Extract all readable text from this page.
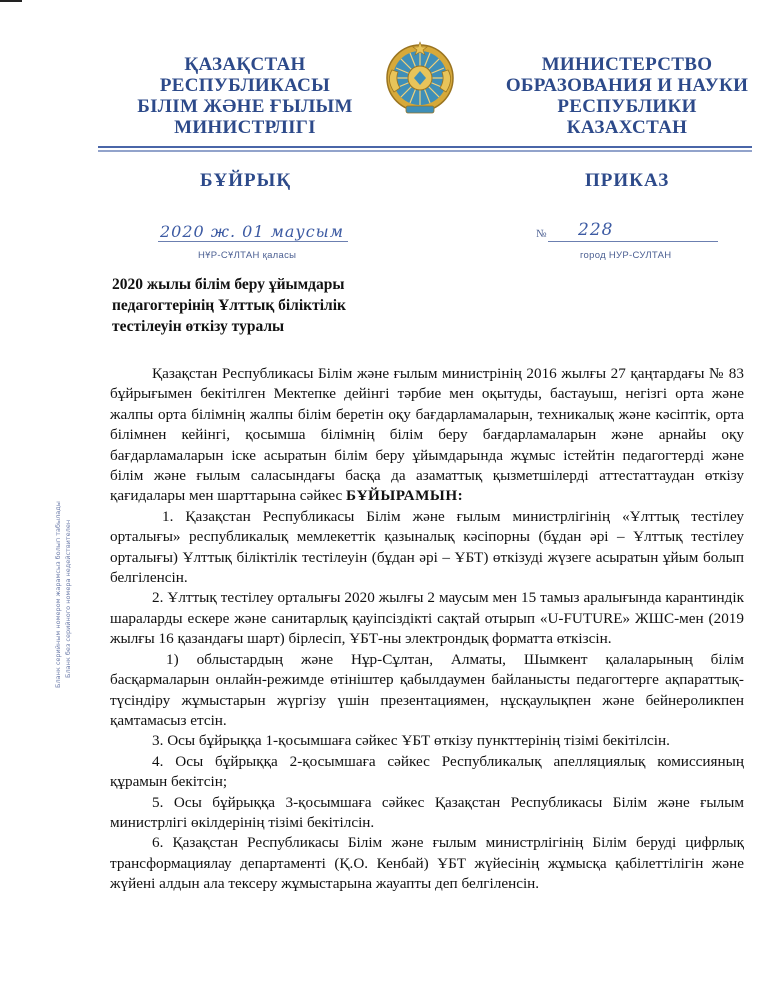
ҚАЗАҚСТАН
РЕСПУБЛИКАСЫ
БІЛІМ ЖӘНЕ ҒЫЛЫМ
МИНИСТРЛІГІ
МИНИСТЕРСТВО
ОБРАЗОВАНИЯ И НАУКИ
РЕСПУБЛИКИ
КАЗАХСТАН
БҰЙРЫҚ	ПРИКАЗ
2020 ж. 01 маусым	№ 228
НҰР-СҰЛТАН қаласы	город НУР-СУЛТАН
2020 жылы білім беру ұйымдары
педагогтерінің Ұлттық біліктілік
тестілеуін өткізу туралы

Қазақстан Республикасы Білім және ғылым министрінің 2016 жылғы 27 қаңтардағы № 83 бұйрығымен бекітілген Мектепке дейінгі тәрбие мен оқытуды, бастауыш, негізгі орта және жалпы орта білімнің жалпы білім беретін оқу бағдарламаларын, техникалық және кәсіптік, орта білімнен кейінгі, қосымша білімнің білім беру бағдарламаларын және арнайы оқу бағдарламаларын іске асыратын білім беру ұйымдарында жұмыс істейтін педагогтерді және білім және ғылым саласындағы басқа да азаматтық қызметшілерді аттестаттаудан өткізу қағидалары мен шарттарына сәйкес БҰЙЫРАМЫН:

1. Қазақстан Республикасы Білім және ғылым министрлігінің «Ұлттық тестілеу орталығы» республикалық мемлекеттік қазыналық кәсіпорны (бұдан әрі – Ұлттық тестілеу орталығы) Ұлттық біліктілік тестілеуін (бұдан әрі – ҰБТ) өткізуді жүзеге асыратын ұйым болып белгіленсін.

2. Ұлттық тестілеу орталығы 2020 жылғы 2 маусым мен 15 тамыз аралығында карантиндік шараларды ескере және санитарлық қауіпсіздікті сақтай отырып «U-FUTURE» ЖШС-мен (2019 жылғы 16 қазандағы шарт) бірлесіп, ҰБТ-ны электрондық форматта өткізсін.

1) облыстардың және Нұр-Сұлтан, Алматы, Шымкент қалаларының білім басқармаларын онлайн-режимде өтініштер қабылдаумен байланысты педагогтерге ақпараттық-түсіндіру жұмыстарын жүргізу үшін презентациямен, нұсқаулықпен және бейнероликпен қамтамасыз етсін.

3. Осы бұйрыққа 1-қосымшаға сәйкес ҰБТ өткізу пункттерінің тізімі бекітілсін.

4. Осы бұйрыққа 2-қосымшаға сәйкес Республикалық апелляциялық комиссияның құрамын бекітсін;

5. Осы бұйрыққа 3-қосымшаға сәйкес Қазақстан Республикасы Білім және ғылым министрлігі өкілдерінің тізімі бекітілсін.

6. Қазақстан Республикасы Білім және ғылым министрлігінің Білім беруді цифрлық трансформациялау департаменті (Қ.О. Кенбай) ҰБТ жүйесінің жұмысқа қабілеттілігін және жүйені алдын ала тексеру жұмыстарына жауапты деп белгіленсін.

Бланк серийным номером жарамсыз болып табылады Бланк без серийного номера недействителен
